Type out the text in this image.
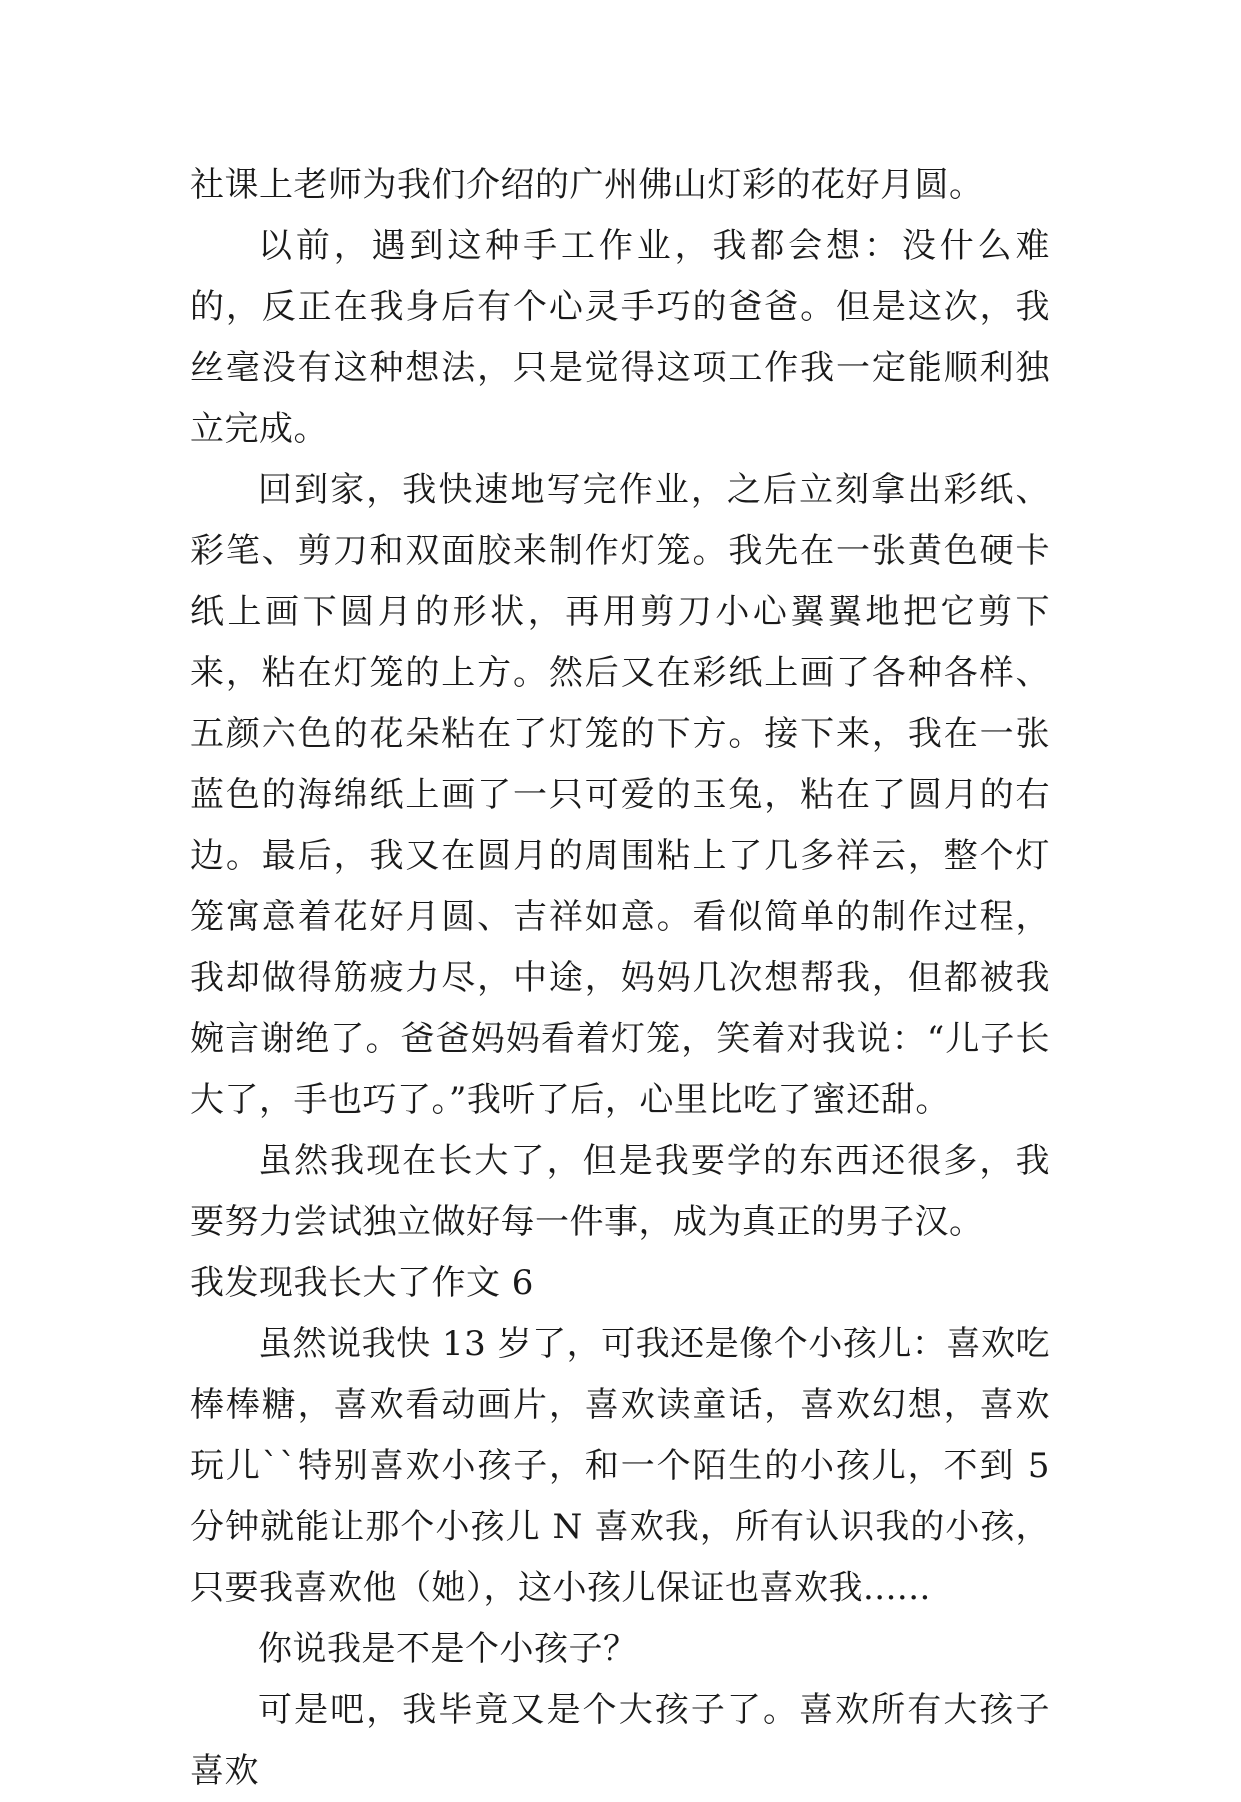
社课上老师为我们介绍的广州佛山灯彩的花好月圆。

以前，遇到这种手工作业，我都会想：没什么难的，反正在我身后有个心灵手巧的爸爸。但是这次，我丝毫没有这种想法，只是觉得这项工作我一定能顺利独立完成。

回到家，我快速地写完作业，之后立刻拿出彩纸、彩笔、剪刀和双面胶来制作灯笼。我先在一张黄色硬卡纸上画下圆月的形状，再用剪刀小心翼翼地把它剪下来，粘在灯笼的上方。然后又在彩纸上画了各种各样、五颜六色的花朵粘在了灯笼的下方。接下来，我在一张蓝色的海绵纸上画了一只可爱的玉兔，粘在了圆月的右边。最后，我又在圆月的周围粘上了几多祥云，整个灯笼寓意着花好月圆、吉祥如意。看似简单的制作过程，我却做得筋疲力尽，中途，妈妈几次想帮我，但都被我婉言谢绝了。爸爸妈妈看着灯笼，笑着对我说：“儿子长大了，手也巧了。”我听了后，心里比吃了蜜还甜。

虽然我现在长大了，但是我要学的东西还很多，我要努力尝试独立做好每一件事，成为真正的男子汉。

我发现我长大了作文 6

虽然说我快 13 岁了，可我还是像个小孩儿：喜欢吃棒棒糖，喜欢看动画片，喜欢读童话，喜欢幻想，喜欢玩儿``特别喜欢小孩子，和一个陌生的小孩儿，不到 5 分钟就能让那个小孩儿 N 喜欢我，所有认识我的小孩，只要我喜欢他（她），这小孩儿保证也喜欢我......

你说我是不是个小孩子？

可是吧，我毕竟又是个大孩子了。喜欢所有大孩子喜欢
